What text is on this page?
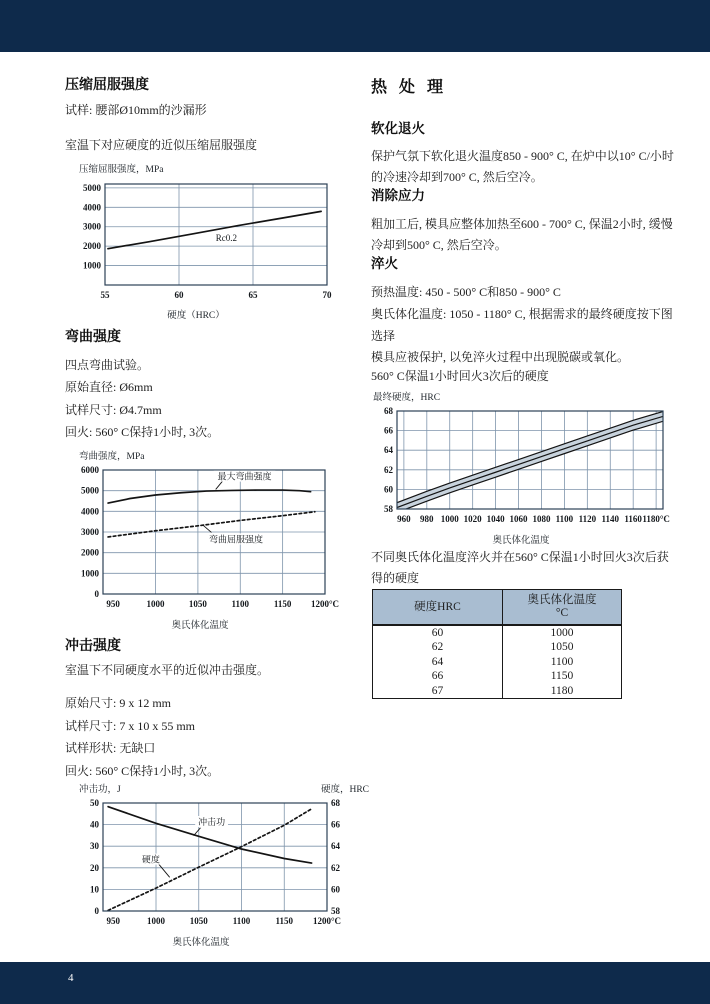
压缩屈服强度

试样: 腰部Ø10mm的沙漏形

室温下对应硬度的近似压缩屈服强度

压缩屈服强度，MPa
55	60	65	70
1000
2000
3000
4000
5000
Rc0.2
硬度（HRC）
弯曲强度

四点弯曲试验。

原始直径: Ø6mm

试样尺寸: Ø4.7mm

回火: 560° C保持1小时, 3次。

弯曲强度，MPa
950	1000	1050	1100	1150 1200°C
0
1000
2000
3000
4000
5000
6000
最大弯曲强度
弯曲屈服强度
奥氏体化温度
冲击强度

室温下不同硬度水平的近似冲击强度。

原始尺寸: 9 x 12 mm

试样尺寸: 7 x 10 x 55 mm

试样形状: 无缺口

回火: 560° C保持1小时, 3次。

冲击功，J	硬度，HRC
950	1000	1050	1100	1150 1200°C
0
10
20
30
40
50
58
60
62
64
66
68
冲击功
硬度
奥氏体化温度
热 处 理
软化退火

保护气氛下软化退火温度850 - 900° C, 在炉中以10° C/小时的冷速冷却到700° C, 然后空冷。

消除应力

粗加工后, 模具应整体加热至600 - 700° C, 保温2小时, 缓慢冷却到500° C, 然后空冷。

淬火

预热温度: 450 - 500° C和850 - 900° C

奥氏体化温度: 1050 - 1180° C, 根据需求的最终硬度按下图选择

模具应被保护, 以免淬火过程中出现脱碳或氧化。

560° C保温1小时回火3次后的硬度

最终硬度，HRC
960 980 1000 1020 1040 1060 1080 1100 1120 1140 1160 1180°C
58
60
62
64
66
68
奥氏体化温度

不同奥氏体化温度淬火并在560° C保温1小时回火3次后获得的硬度

硬度HRC	奥氏体化温度
°C

60	1000
62	1050
64	1100
66	1150
67	1180
4
